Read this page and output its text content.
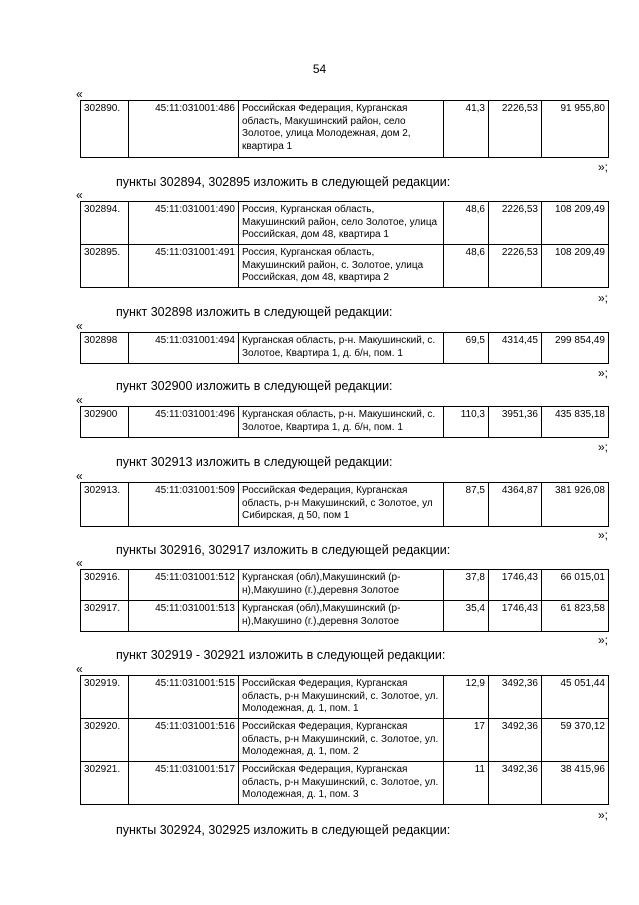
54
«
302890.	45:11:031001:486	Российская Федерация, Курганская область, Макушинский район, село Золотое, улица Молодежная, дом 2, квартира 1	41,3	2226,53	91 955,80
»;
пункты 302894, 302895 изложить в следующей редакции:
«
302894.	45:11:031001:490	Россия, Курганская область, Макушинский район, село Золотое, улица Российская, дом 48, квартира 1	48,6	2226,53	108 209,49
302895.	45:11:031001:491	Россия, Курганская область, Макушинский район, с. Золотое, улица Российская, дом 48, квартира 2	48,6	2226,53	108 209,49
»;
пункт 302898 изложить в следующей редакции:
«
302898	45:11:031001:494	Курганская область, р-н. Макушинский, с. Золотое, Квартира 1, д. б/н, пом. 1	69,5	4314,45	299 854,49
»;
пункт 302900 изложить в следующей редакции:
«
302900	45:11:031001:496	Курганская область, р-н. Макушинский, с. Золотое, Квартира 1, д. б/н, пом. 1	110,3	3951,36	435 835,18
»;
пункт 302913 изложить в следующей редакции:
«
302913.	45:11:031001:509	Российская Федерация, Курганская область, р-н Макушинский, с Золотое, ул Сибирская, д 50, пом 1	87,5	4364,87	381 926,08
»;
пункты 302916, 302917 изложить в следующей редакции:
«
302916.	45:11:031001:512	Курганская (обл),Макушинский (р-н),Макушино (г.),деревня Золотое	37,8	1746,43	66 015,01
302917.	45:11:031001:513	Курганская (обл),Макушинский (р-н),Макушино (г.),деревня Золотое	35,4	1746,43	61 823,58
»;
пункт 302919 - 302921 изложить в следующей редакции:
«
302919.	45:11:031001:515	Российская Федерация, Курганская область, р-н Макушинский, с. Золотое, ул. Молодежная, д. 1, пом. 1	12,9	3492,36	45 051,44
302920.	45:11:031001:516	Российская Федерация, Курганская область, р-н Макушинский, с. Золотое, ул. Молодежная, д. 1, пом. 2	17	3492,36	59 370,12
302921.	45:11:031001:517	Российская Федерация, Курганская область, р-н Макушинский, с. Золотое, ул. Молодежная, д. 1, пом. 3	11	3492,36	38 415,96
»;
пункты 302924, 302925 изложить в следующей редакции:
